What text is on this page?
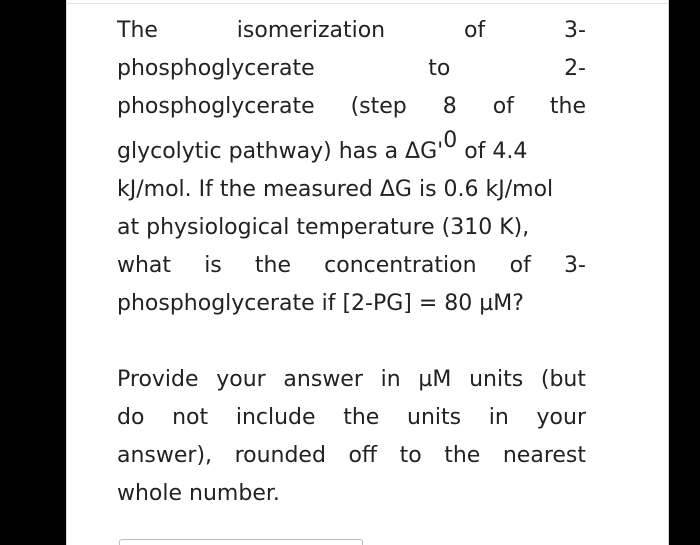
The	isomerization	of	3-
phosphoglycerate	to	2-
phosphoglycerate (step 8 of the
glycolytic pathway) has a $\Delta G'^0$ of 4.4
kJ/mol. If the measured ΔG is 0.6 kJ/mol
at physiological temperature (310 K),
what is the concentration of 3-
phosphoglycerate if [2-PG] = 80 µM?
Provide your answer in µM units (but
do not include the units in your
answer), rounded off to the nearest
whole number.
